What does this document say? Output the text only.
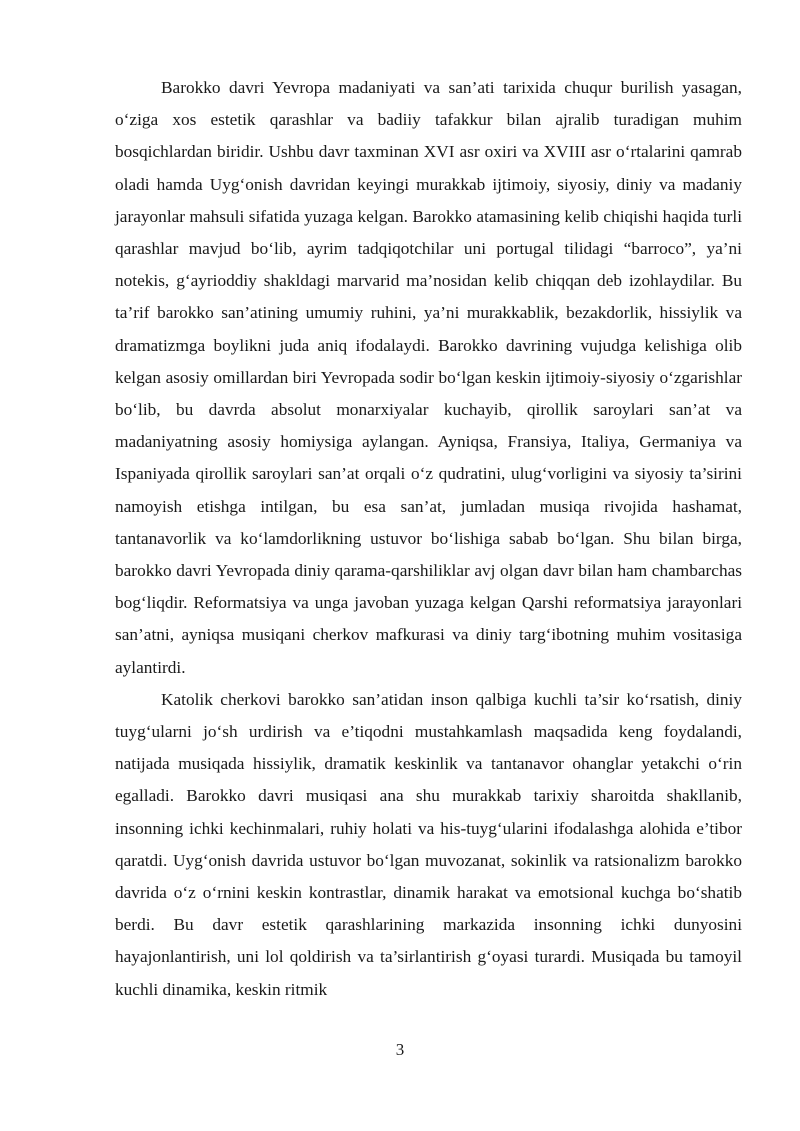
Barokko davri Yevropa madaniyati va san’ati tarixida chuqur burilish yasagan, o‘ziga xos estetik qarashlar va badiiy tafakkur bilan ajralib turadigan muhim bosqichlardan biridir. Ushbu davr taxminan XVI asr oxiri va XVIII asr o‘rtalarini qamrab oladi hamda Uyg‘onish davridan keyingi murakkab ijtimoiy, siyosiy, diniy va madaniy jarayonlar mahsuli sifatida yuzaga kelgan. Barokko atamasining kelib chiqishi haqida turli qarashlar mavjud bo‘lib, ayrim tadqiqotchilar uni portugal tilidagi “barroco”, ya’ni notekis, g‘ayrioddiy shakldagi marvarid ma’nosidan kelib chiqqan deb izohlaydilar. Bu ta’rif barokko san’atining umumiy ruhini, ya’ni murakkablik, bezakdorlik, hissiylik va dramatizmga boylikni juda aniq ifodalaydi. Barokko davrining vujudga kelishiga olib kelgan asosiy omillardan biri Yevropada sodir bo‘lgan keskin ijtimoiy-siyosiy o‘zgarishlar bo‘lib, bu davrda absolut monarxiyalar kuchayib, qirollik saroylari san’at va madaniyatning asosiy homiysiga aylangan. Ayniqsa, Fransiya, Italiya, Germaniya va Ispaniyada qirollik saroylari san’at orqali o‘z qudratini, ulug‘vorligini va siyosiy ta’sirini namoyish etishga intilgan, bu esa san’at, jumladan musiqa rivojida hashamat, tantanavorlik va ko‘lamdorlikning ustuvor bo‘lishiga sabab bo‘lgan. Shu bilan birga, barokko davri Yevropada diniy qarama-qarshiliklar avj olgan davr bilan ham chambarchas bog‘liqdir. Reformatsiya va unga javoban yuzaga kelgan Qarshi reformatsiya jarayonlari san’atni, ayniqsa musiqani cherkov mafkurasi va diniy targ‘ibotning muhim vositasiga aylantirdi.

Katolik cherkovi barokko san’atidan inson qalbiga kuchli ta’sir ko‘rsatish, diniy tuyg‘ularni jo‘sh urdirish va e’tiqodni mustahkamlash maqsadida keng foydalandi, natijada musiqada hissiylik, dramatik keskinlik va tantanavor ohanglar yetakchi o‘rin egalladi. Barokko davri musiqasi ana shu murakkab tarixiy sharoitda shakllanib, insonning ichki kechinmalari, ruhiy holati va his-tuyg‘ularini ifodalashga alohida e’tibor qaratdi. Uyg‘onish davrida ustuvor bo‘lgan muvozanat, sokinlik va ratsionalizm barokko davrida o‘z o‘rnini keskin kontrastlar, dinamik harakat va emotsional kuchga bo‘shatib berdi. Bu davr estetik qarashlarining markazida insonning ichki dunyosini hayajonlantirish, uni lol qoldirish va ta’sirlantirish g‘oyasi turardi. Musiqada bu tamoyil kuchli dinamika, keskin ritmik

3
